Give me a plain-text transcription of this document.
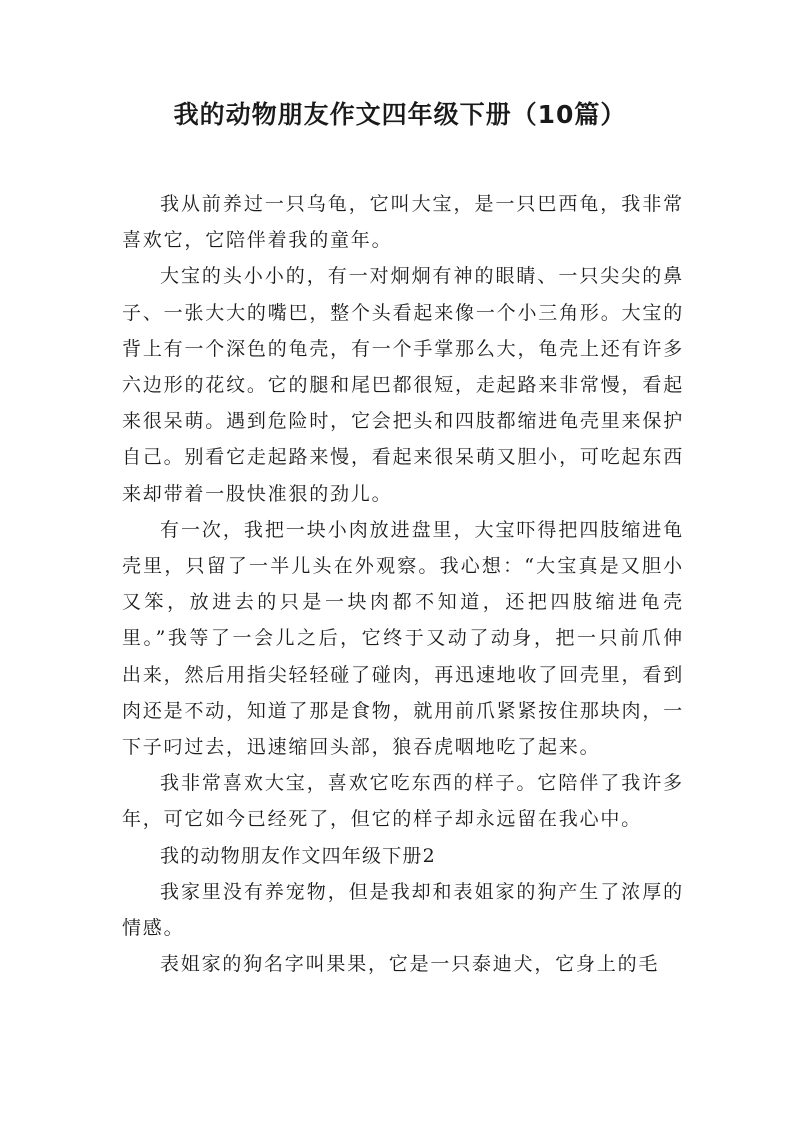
我的动物朋友作文四年级下册（10篇）

我从前养过一只乌龟，它叫大宝，是一只巴西龟，我非常喜欢它，它陪伴着我的童年。

大宝的头小小的，有一对炯炯有神的眼睛、一只尖尖的鼻子、一张大大的嘴巴，整个头看起来像一个小三角形。大宝的背上有一个深色的龟壳，有一个手掌那么大，龟壳上还有许多六边形的花纹。它的腿和尾巴都很短，走起路来非常慢，看起来很呆萌。遇到危险时，它会把头和四肢都缩进龟壳里来保护自己。别看它走起路来慢，看起来很呆萌又胆小，可吃起东西来却带着一股快准狠的劲儿。

有一次，我把一块小肉放进盘里，大宝吓得把四肢缩进龟壳里，只留了一半儿头在外观察。我心想：“大宝真是又胆小又笨，放进去的只是一块肉都不知道，还把四肢缩进龟壳里。”我等了一会儿之后，它终于又动了动身，把一只前爪伸出来，然后用指尖轻轻碰了碰肉，再迅速地收了回壳里，看到肉还是不动，知道了那是食物，就用前爪紧紧按住那块肉，一下子叼过去，迅速缩回头部，狼吞虎咽地吃了起来。

我非常喜欢大宝，喜欢它吃东西的样子。它陪伴了我许多年，可它如今已经死了，但它的样子却永远留在我心中。

我的动物朋友作文四年级下册2

我家里没有养宠物，但是我却和表姐家的狗产生了浓厚的情感。

表姐家的狗名字叫果果，它是一只泰迪犬，它身上的毛
